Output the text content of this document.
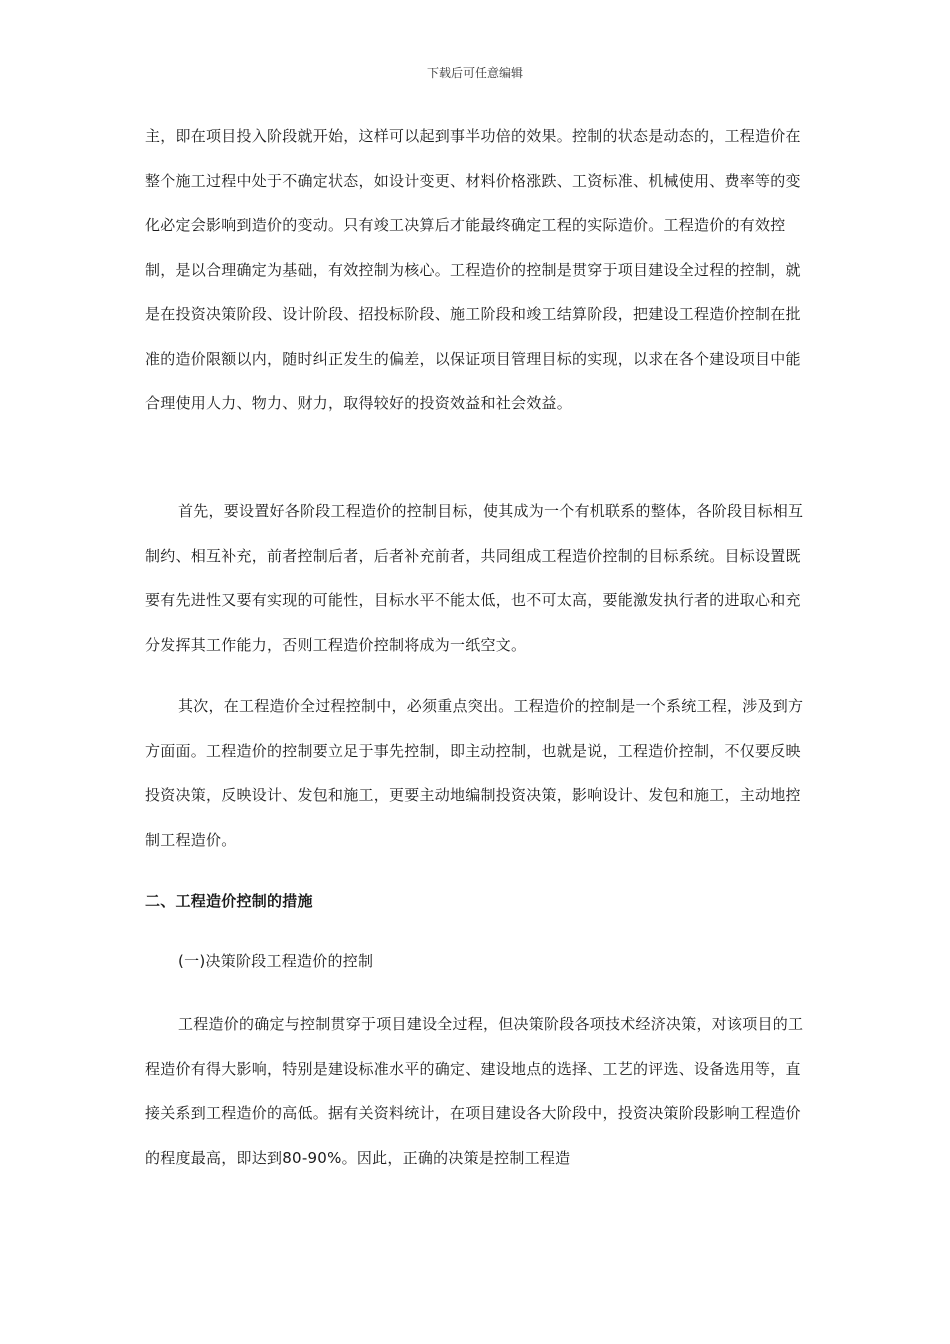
下载后可任意编辑

主，即在项目投入阶段就开始，这样可以起到事半功倍的效果。控制的状态是动态的，工程造价在整个施工过程中处于不确定状态，如设计变更、材料价格涨跌、工资标准、机械使用、费率等的变化必定会影响到造价的变动。只有竣工决算后才能最终确定工程的实际造价。工程造价的有效控制，是以合理确定为基础，有效控制为核心。工程造价的控制是贯穿于项目建设全过程的控制，就是在投资决策阶段、设计阶段、招投标阶段、施工阶段和竣工结算阶段，把建设工程造价控制在批准的造价限额以内，随时纠正发生的偏差，以保证项目管理目标的实现，以求在各个建设项目中能合理使用人力、物力、财力，取得较好的投资效益和社会效益。

首先，要设置好各阶段工程造价的控制目标，使其成为一个有机联系的整体，各阶段目标相互制约、相互补充，前者控制后者，后者补充前者，共同组成工程造价控制的目标系统。目标设置既要有先进性又要有实现的可能性，目标水平不能太低，也不可太高，要能激发执行者的进取心和充分发挥其工作能力，否则工程造价控制将成为一纸空文。

其次，在工程造价全过程控制中，必须重点突出。工程造价的控制是一个系统工程，涉及到方方面面。工程造价的控制要立足于事先控制，即主动控制，也就是说，工程造价控制，不仅要反映投资决策，反映设计、发包和施工，更要主动地编制投资决策，影响设计、发包和施工，主动地控制工程造价。

二、工程造价控制的措施
(一)决策阶段工程造价的控制

工程造价的确定与控制贯穿于项目建设全过程，但决策阶段各项技术经济决策，对该项目的工程造价有得大影响，特别是建设标准水平的确定、建设地点的选择、工艺的评选、设备选用等，直接关系到工程造价的高低。据有关资料统计，在项目建设各大阶段中，投资决策阶段影响工程造价的程度最高，即达到80-90%。因此，正确的决策是控制工程造
